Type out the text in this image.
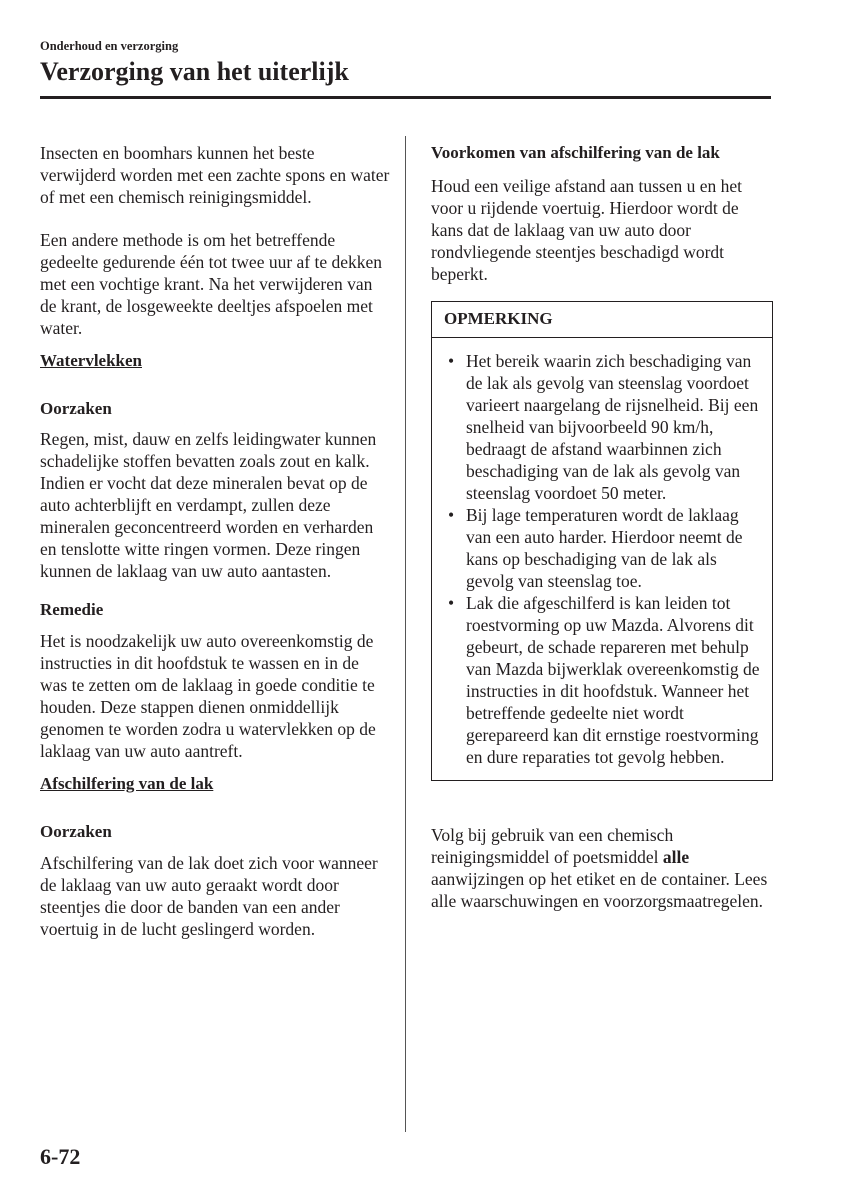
Onderhoud en verzorging
Verzorging van het uiterlijk

Insecten en boomhars kunnen het beste verwijderd worden met een zachte spons en water of met een chemisch reinigingsmiddel.

Een andere methode is om het betreffende gedeelte gedurende één tot twee uur af te dekken met een vochtige krant. Na het verwijderen van de krant, de losgeweekte deeltjes afspoelen met water.

Watervlekken

Oorzaken

Regen, mist, dauw en zelfs leidingwater kunnen schadelijke stoffen bevatten zoals zout en kalk. Indien er vocht dat deze mineralen bevat op de auto achterblijft en verdampt, zullen deze mineralen geconcentreerd worden en verharden en tenslotte witte ringen vormen. Deze ringen kunnen de laklaag van uw auto aantasten.

Remedie

Het is noodzakelijk uw auto overeenkomstig de instructies in dit hoofdstuk te wassen en in de was te zetten om de laklaag in goede conditie te houden. Deze stappen dienen onmiddellijk genomen te worden zodra u watervlekken op de laklaag van uw auto aantreft.

Afschilfering van de lak

Oorzaken

Afschilfering van de lak doet zich voor wanneer de laklaag van uw auto geraakt wordt door steentjes die door de banden van een ander voertuig in de lucht geslingerd worden.

Voorkomen van afschilfering van de lak

Houd een veilige afstand aan tussen u en het voor u rijdende voertuig. Hierdoor wordt de kans dat de laklaag van uw auto door rondvliegende steentjes beschadigd wordt beperkt.

OPMERKING
• Het bereik waarin zich beschadiging van de lak als gevolg van steenslag voordoet varieert naargelang de rijsnelheid. Bij een snelheid van bijvoorbeeld 90 km/h, bedraagt de afstand waarbinnen zich beschadiging van de lak als gevolg van steenslag voordoet 50 meter.
• Bij lage temperaturen wordt de laklaag van een auto harder. Hierdoor neemt de kans op beschadiging van de lak als gevolg van steenslag toe.
• Lak die afgeschilferd is kan leiden tot roestvorming op uw Mazda. Alvorens dit gebeurt, de schade repareren met behulp van Mazda bijwerklak overeenkomstig de instructies in dit hoofdstuk. Wanneer het betreffende gedeelte niet wordt gerepareerd kan dit ernstige roestvorming en dure reparaties tot gevolg hebben.

Volg bij gebruik van een chemisch reinigingsmiddel of poetsmiddel alle aanwijzingen op het etiket en de container. Lees alle waarschuwingen en voorzorgsmaatregelen.

6-72
